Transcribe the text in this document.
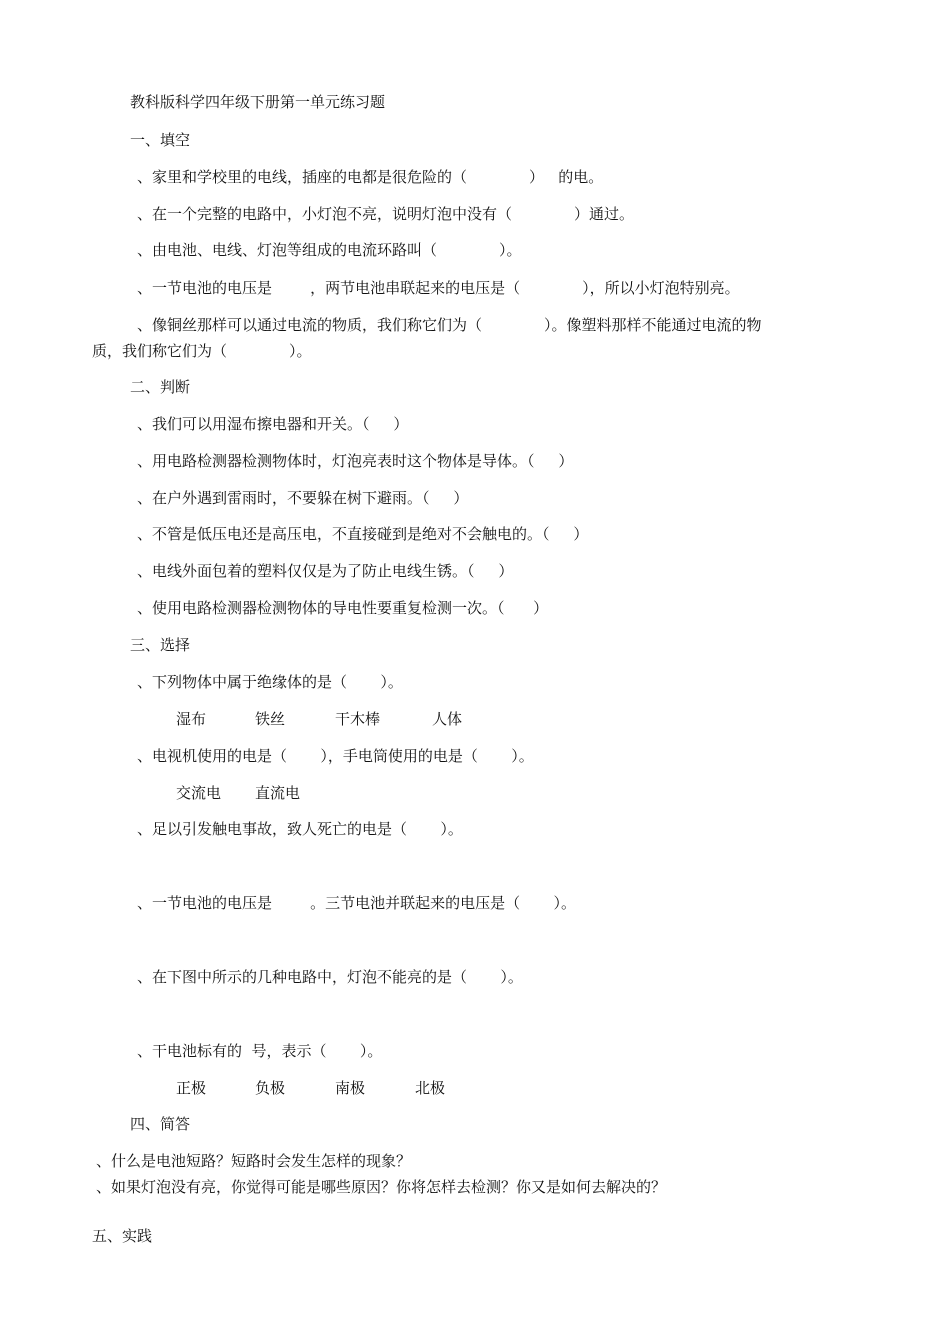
教科版科学四年级下册第一单元练习题
一、填空
、家里和学校里的电线，插座的电都是很危险的（             ）   的电。
、在一个完整的电路中，小灯泡不亮，说明灯泡中没有（             ）通过。
、由电池、电线、灯泡等组成的电流环路叫（             ）。
、一节电池的电压是        ，两节电池串联起来的电压是（             ），所以小灯泡特别亮。
、像铜丝那样可以通过电流的物质，我们称它们为（             ）。像塑料那样不能通过电流的物
质，我们称它们为（             ）。
二、判断
、我们可以用湿布擦电器和开关。（     ）
、用电路检测器检测物体时，灯泡亮表时这个物体是导体。（     ）
、在户外遇到雷雨时，不要躲在树下避雨。（     ）
、不管是低压电还是高压电，不直接碰到是绝对不会触电的。（     ）
、电线外面包着的塑料仅仅是为了防止电线生锈。（     ）
、使用电路检测器检测物体的导电性要重复检测一次。（      ）
三、选择
、下列物体中属于绝缘体的是（       ）。
湿布	铁丝	干木棒	人体
、电视机使用的电是（       ），手电筒使用的电是（       ）。
交流电 直流电
、足以引发触电事故，致人死亡的电是（       ）。
、一节电池的电压是        。三节电池并联起来的电压是（       ）。
、在下图中所示的几种电路中，灯泡不能亮的是（       ）。
、干电池标有的  号，表示（       ）。
正极	负极	南极	北极
四、简答
、什么是电池短路？短路时会发生怎样的现象？
、如果灯泡没有亮，你觉得可能是哪些原因？你将怎样去检测？你又是如何去解决的？
五、实践
